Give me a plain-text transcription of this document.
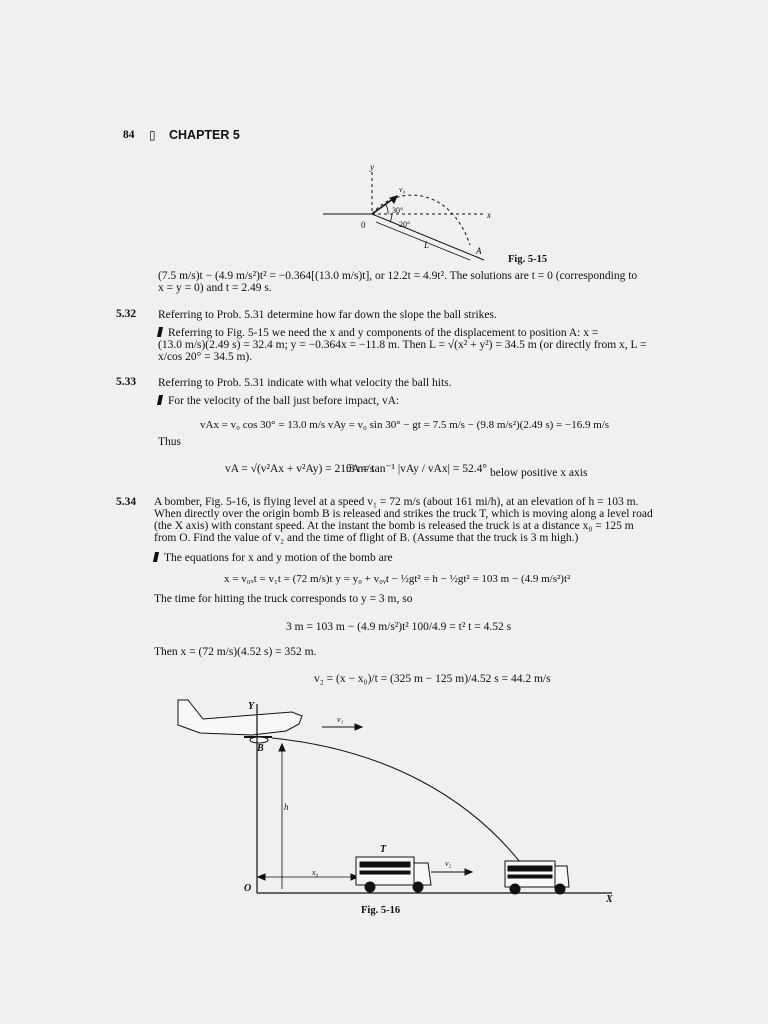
84 ▯ CHAPTER 5
y
v₀
30°
20°
x
0
L
A
Fig. 5-15
(7.5 m/s)t − (4.9 m/s²)t² = −0.364[(13.0 m/s)t], or 12.2t = 4.9t². The solutions are t = 0 (corresponding to
x = y = 0) and t = 2.49 s.
5.32 Referring to Prob. 5.31 determine how far down the slope the ball strikes.
Referring to Fig. 5-15 we need the x and y components of the displacement to position A: x =
(13.0 m/s)(2.49 s) = 32.4 m; y = −0.364x = −11.8 m. Then L = √(x² + y²) = 34.5 m (or directly from x, L =
x/cos 20° = 34.5 m).
5.33 Referring to Prob. 5.31 indicate with what velocity the ball hits.
For the velocity of the ball just before impact, vA:
vAx = v₀ cos 30° = 13.0 m/s vAy = v₀ sin 30° − gt = 7.5 m/s − (9.8 m/s²)(2.49 s) = −16.9 m/s
Thus
vA = √(v²Ax + v²Ay) = 21.3 m/s
θA = tan⁻¹ |vAy / vAx| = 52.4° below positive x axis
5.34 A bomber, Fig. 5-16, is flying level at a speed v₁ = 72 m/s (about 161 mi/h), at an elevation of h = 103 m.
When directly over the origin bomb B is released and strikes the truck T, which is moving along a level road
(the X axis) with constant speed. At the instant the bomb is released the truck is at a distance x₀ = 125 m
from O. Find the value of v₂ and the time of flight of B. (Assume that the truck is 3 m high.)
The equations for x and y motion of the bomb are
x = v₀ₓt = v₁t = (72 m/s)t y = y₀ + v₀ᵧt − ½gt² = h − ½gt² = 103 m − (4.9 m/s²)t²
The time for hitting the truck corresponds to y = 3 m, so
3 m = 103 m − (4.9 m/s²)t² 100/4.9 = t² t = 4.52 s
Then x = (72 m/s)(4.52 s) = 352 m.
v₂ = (x − x₀)/t = (325 m − 125 m)/4.52 s = 44.2 m/s
Y
v₁
B
h
T
x₀
v₂
O
X
Fig. 5-16
